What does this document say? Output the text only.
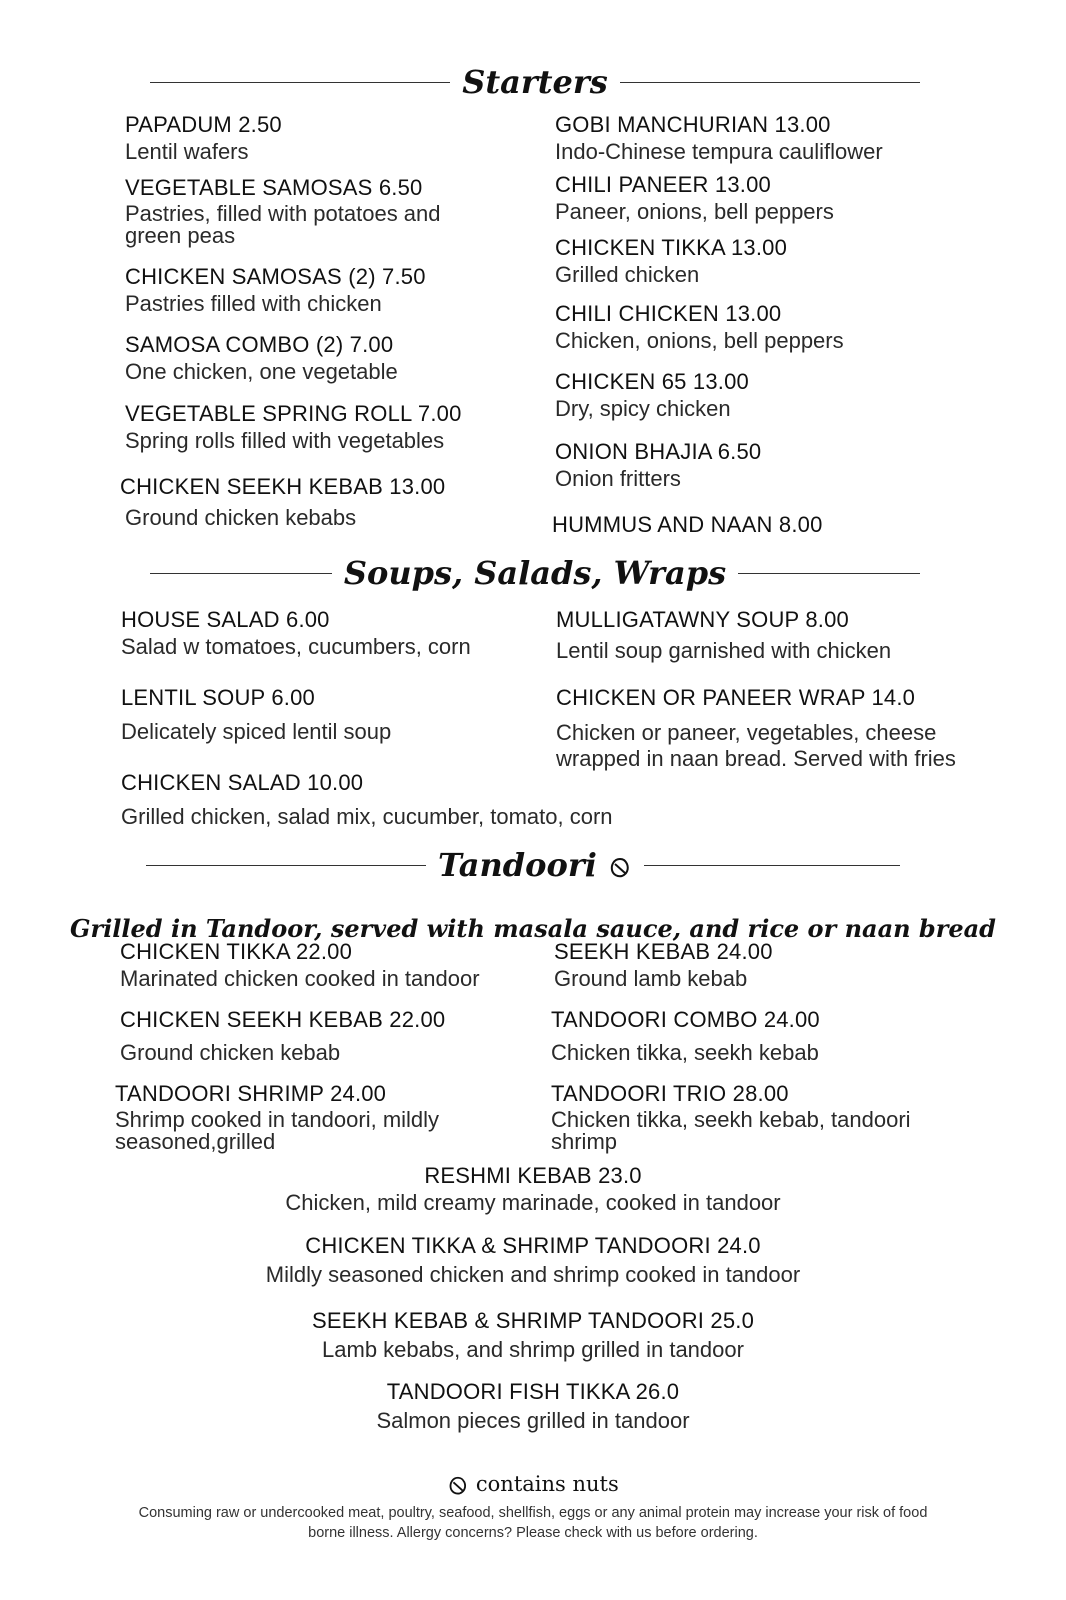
Starters
PAPADUM 2.50
Lentil wafers
VEGETABLE SAMOSAS 6.50
Pastries, filled with potatoes and green peas
CHICKEN SAMOSAS (2) 7.50
Pastries filled with chicken
SAMOSA COMBO (2) 7.00
One chicken, one vegetable
VEGETABLE SPRING ROLL 7.00
Spring rolls filled with vegetables
CHICKEN SEEKH KEBAB 13.00
Ground chicken kebabs
GOBI MANCHURIAN 13.00
Indo-Chinese tempura cauliflower
CHILI PANEER 13.00
Paneer, onions, bell peppers
CHICKEN TIKKA 13.00
Grilled chicken
CHILI CHICKEN 13.00
Chicken, onions, bell peppers
CHICKEN 65 13.00
Dry, spicy chicken
ONION BHAJIA 6.50
Onion fritters
HUMMUS AND NAAN 8.00
Soups, Salads, Wraps
HOUSE SALAD 6.00
Salad w tomatoes, cucumbers, corn
LENTIL SOUP 6.00
Delicately spiced lentil soup
CHICKEN SALAD 10.00
Grilled chicken, salad mix, cucumber, tomato, corn
MULLIGATAWNY SOUP 8.00
Lentil soup garnished with chicken
CHICKEN OR PANEER WRAP 14.0
Chicken or paneer, vegetables, cheese wrapped in naan bread. Served with fries
Tandoori
Grilled in Tandoor, served with masala sauce, and rice or naan bread
CHICKEN TIKKA 22.00
Marinated chicken cooked in tandoor
CHICKEN SEEKH KEBAB 22.00
Ground chicken kebab
TANDOORI SHRIMP 24.00
Shrimp cooked in tandoori, mildly seasoned,grilled
SEEKH KEBAB 24.00
Ground lamb kebab
TANDOORI COMBO 24.00
Chicken tikka, seekh kebab
TANDOORI TRIO 28.00
Chicken tikka, seekh kebab, tandoori shrimp
RESHMI KEBAB 23.0
Chicken, mild creamy marinade, cooked in tandoor
CHICKEN TIKKA & SHRIMP TANDOORI 24.0
Mildly seasoned chicken and shrimp cooked in tandoor
SEEKH KEBAB & SHRIMP TANDOORI 25.0
Lamb kebabs, and shrimp grilled in tandoor
TANDOORI FISH TIKKA 26.0
Salmon pieces grilled in tandoor
contains nuts
Consuming raw or undercooked meat, poultry, seafood, shellfish, eggs or any animal protein may increase your risk of food borne illness. Allergy concerns? Please check with us before ordering.
